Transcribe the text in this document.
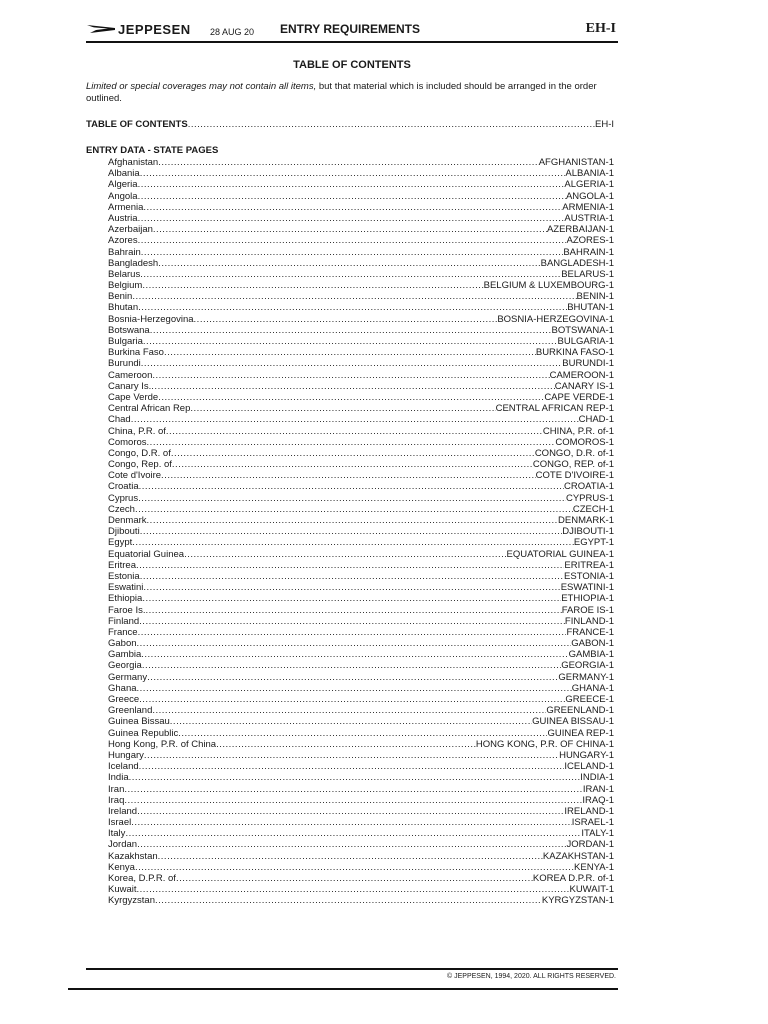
JEPPESEN 28 AUG 20 ENTRY REQUIREMENTS	EH-I
TABLE OF CONTENTS
Limited or special coverages may not contain all items, but that material which is included should be arranged in the order outlined.
TABLE OF CONTENTS .....	EH-I
ENTRY DATA - STATE PAGES
Afghanistan .....	AFGHANISTAN-1
Albania .....	ALBANIA-1
Algeria .....	ALGERIA-1
Angola .....	ANGOLA-1
Armenia .....	ARMENIA-1
Austria .....	AUSTRIA-1
Azerbaijan .....	AZERBAIJAN-1
Azores .....	AZORES-1
Bahrain .....	BAHRAIN-1
Bangladesh .....	BANGLADESH-1
Belarus .....	BELARUS-1
Belgium .....	BELGIUM & LUXEMBOURG-1
Benin .....	BENIN-1
Bhutan .....	BHUTAN-1
Bosnia-Herzegovina .....	BOSNIA-HERZEGOVINA-1
Botswana .....	BOTSWANA-1
Bulgaria .....	BULGARIA-1
Burkina Faso .....	BURKINA FASO-1
Burundi .....	BURUNDI-1
Cameroon .....	CAMEROON-1
Canary Is. .....	CANARY IS-1
Cape Verde .....	CAPE VERDE-1
Central African Rep .....	CENTRAL AFRICAN REP-1
Chad .....	CHAD-1
China, P.R. of .....	CHINA, P.R. of-1
Comoros .....	COMOROS-1
Congo, D.R. of .....	CONGO, D.R. of-1
Congo, Rep. of .....	CONGO, REP. of-1
Cote d'Ivoire .....	COTE D'IVOIRE-1
Croatia .....	CROATIA-1
Cyprus .....	CYPRUS-1
Czech .....	CZECH-1
Denmark .....	DENMARK-1
Djibouti .....	DJIBOUTI-1
Egypt .....	EGYPT-1
Equatorial Guinea .....	EQUATORIAL GUINEA-1
Eritrea .....	ERITREA-1
Estonia .....	ESTONIA-1
Eswatini .....	ESWATINI-1
Ethiopia .....	ETHIOPIA-1
Faroe Is. .....	FAROE IS-1
Finland .....	FINLAND-1
France .....	FRANCE-1
Gabon .....	GABON-1
Gambia .....	GAMBIA-1
Georgia .....	GEORGIA-1
Germany .....	GERMANY-1
Ghana .....	GHANA-1
Greece .....	GREECE-1
Greenland .....	GREENLAND-1
Guinea Bissau .....	GUINEA BISSAU-1
Guinea Republic .....	GUINEA REP-1
Hong Kong, P.R. of China .....	HONG KONG, P.R. OF CHINA-1
Hungary .....	HUNGARY-1
Iceland .....	ICELAND-1
India .....	INDIA-1
Iran .....	IRAN-1
Iraq .....	IRAQ-1
Ireland .....	IRELAND-1
Israel .....	ISRAEL-1
Italy .....	ITALY-1
Jordan .....	JORDAN-1
Kazakhstan .....	KAZAKHSTAN-1
Kenya .....	KENYA-1
Korea, D.P.R. of .....	KOREA D.P.R. of-1
Kuwait .....	KUWAIT-1
Kyrgyzstan .....	KYRGYZSTAN-1
© JEPPESEN, 1994, 2020. ALL RIGHTS RESERVED.
